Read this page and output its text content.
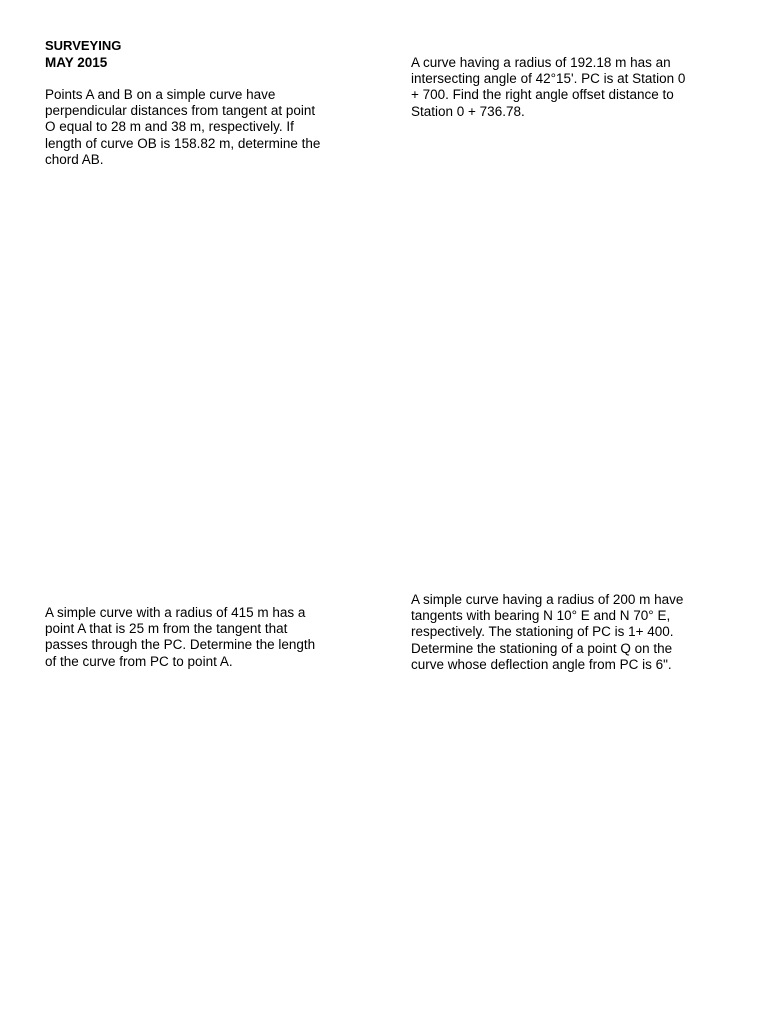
SURVEYING
MAY 2015
Points A and B on a simple curve have
perpendicular distances from tangent at point
O equal to 28 m and 38 m, respectively. If
length of curve OB is 158.82 m, determine the
chord AB.
A curve having a radius of 192.18 m has an
intersecting angle of 42°15'. PC is at Station 0
+ 700. Find the right angle offset distance to
Station 0 + 736.78.
A simple curve with a radius of 415 m has a
point A that is 25 m from the tangent that
passes through the PC. Determine the length
of the curve from PC to point A.
A simple curve having a radius of 200 m have
tangents with bearing N 10° E and N 70° E,
respectively. The stationing of PC is 1+ 400.
Determine the stationing of a point Q on the
curve whose deflection angle from PC is 6".
